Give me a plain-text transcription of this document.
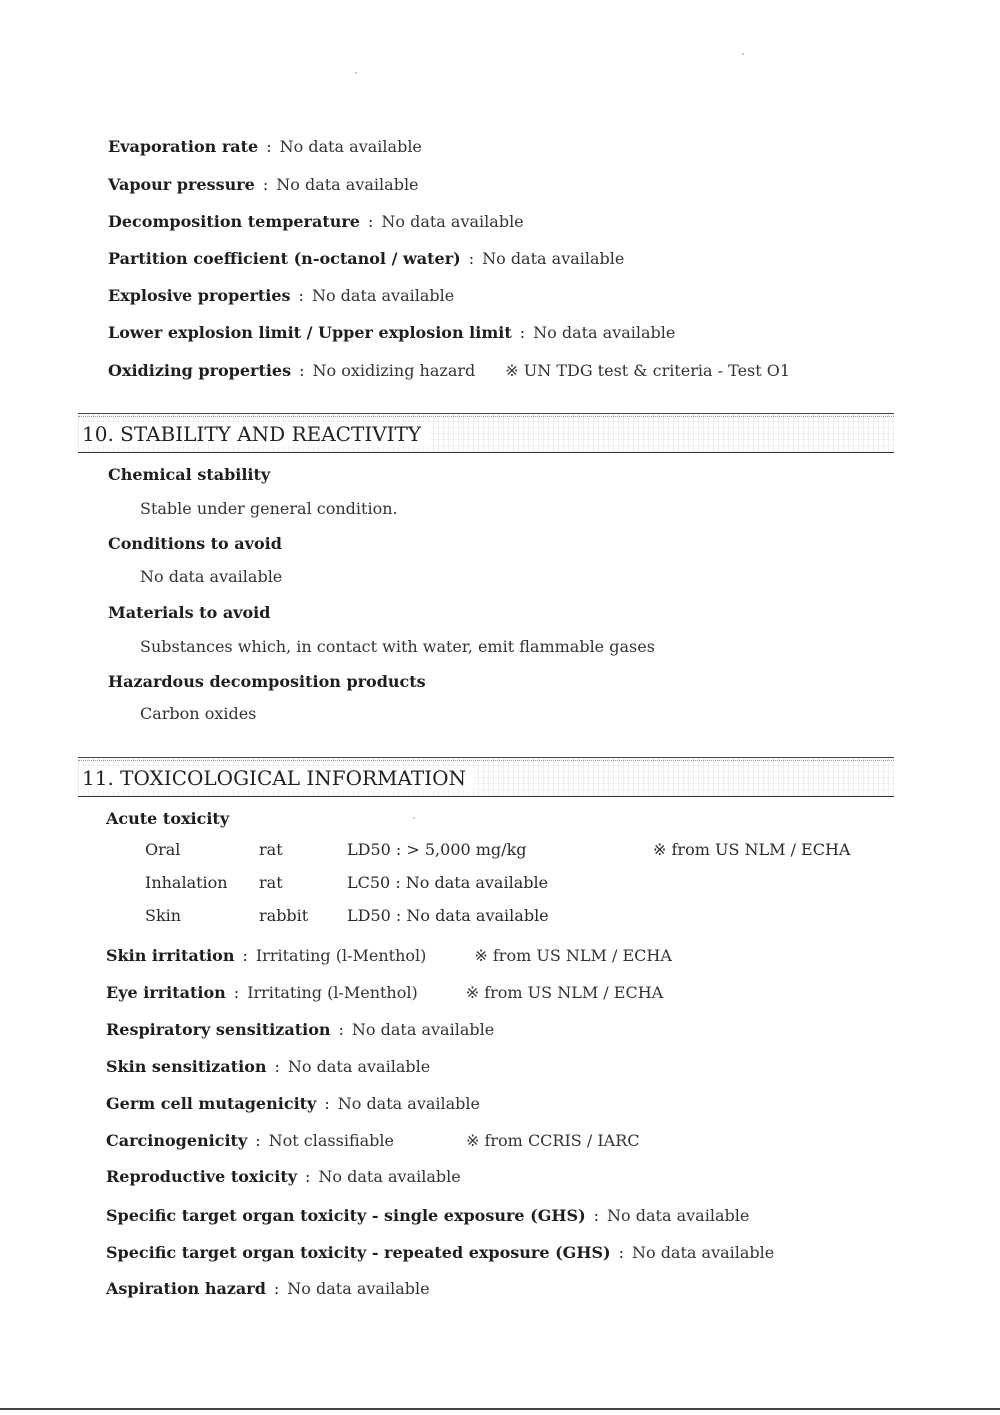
Evaporation rate : No data available
Vapour pressure : No data available
Decomposition temperature : No data available
Partition coefficient (n-octanol / water) : No data available
Explosive properties : No data available
Lower explosion limit / Upper explosion limit : No data available
Oxidizing properties : No oxidizing hazard ※ UN TDG test & criteria - Test O1
10. STABILITY AND REACTIVITY
Chemical stability
Stable under general condition.
Conditions to avoid
No data available
Materials to avoid
Substances which, in contact with water, emit flammable gases
Hazardous decomposition products
Carbon oxides
11. TOXICOLOGICAL INFORMATION
Acute toxicity
Oral	rat	LD50 : > 5,000 mg/kg	※ from US NLM / ECHA
Inhalation rat	LC50 : No data available
Skin	rabbit LD50 : No data available
Skin irritation : Irritating (l-Menthol)	※ from US NLM / ECHA
Eye irritation : Irritating (l-Menthol)	※ from US NLM / ECHA
Respiratory sensitization : No data available
Skin sensitization : No data available
Germ cell mutagenicity : No data available
Carcinogenicity : Not classifiable	※ from CCRIS / IARC
Reproductive toxicity : No data available
Specific target organ toxicity - single exposure (GHS) : No data available
Specific target organ toxicity - repeated exposure (GHS) : No data available
Aspiration hazard : No data available
